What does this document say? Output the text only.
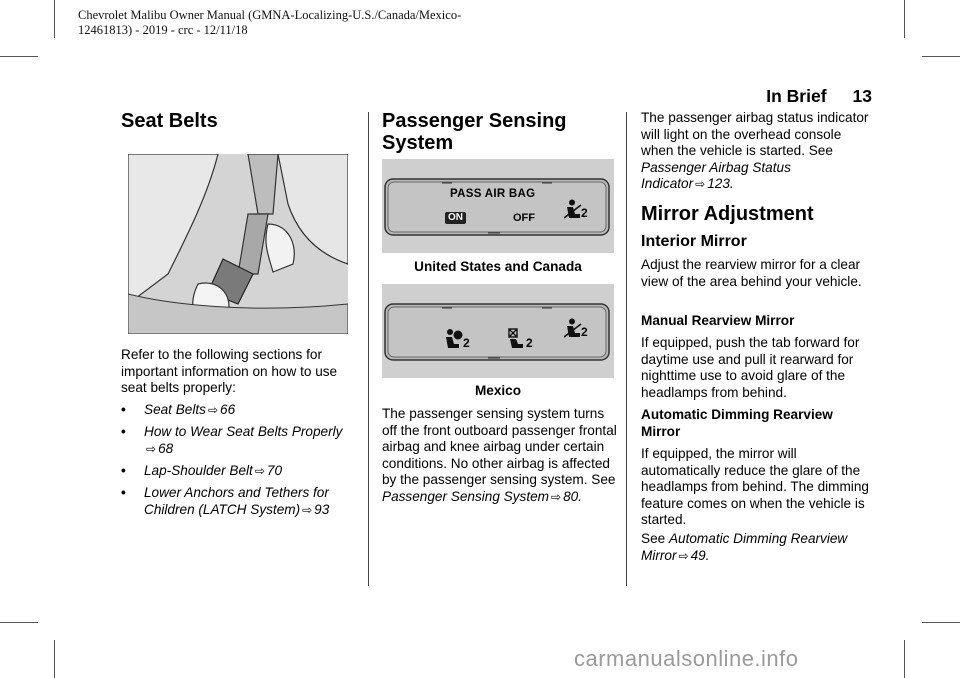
Chevrolet Malibu Owner Manual (GMNA-Localizing-U.S./Canada/Mexico-
12461813) - 2019 - crc - 12/11/18
In Brief 13
Seat Belts
Refer to the following sections for important information on how to use seat belts properly:
• Seat Belts ⇨ 66
• How to Wear Seat Belts Properly
⇨ 68
• Lap-Shoulder Belt ⇨ 70
• Lower Anchors and Tethers for Children (LATCH System) ⇨ 93
Passenger Sensing
System
PASS AIR BAG
ON	OFF	2
United States and Canada
2	2
2
Mexico
The passenger sensing system turns off the front outboard passenger frontal airbag and knee airbag under certain conditions. No other airbag is affected by the passenger sensing system. See
Passenger Sensing System ⇨ 80.
The passenger airbag status indicator will light on the overhead console when the vehicle is started. See Passenger Airbag Status Indicator ⇨ 123.
Mirror Adjustment
Interior Mirror
Adjust the rearview mirror for a clear view of the area behind your vehicle.
Manual Rearview Mirror
If equipped, push the tab forward for daytime use and pull it rearward for nighttime use to avoid glare of the headlamps from behind.
Automatic Dimming Rearview Mirror
If equipped, the mirror will automatically reduce the glare of the headlamps from behind. The dimming feature comes on when the vehicle is started.
See Automatic Dimming Rearview Mirror ⇨ 49.
carmanualsonline.info
